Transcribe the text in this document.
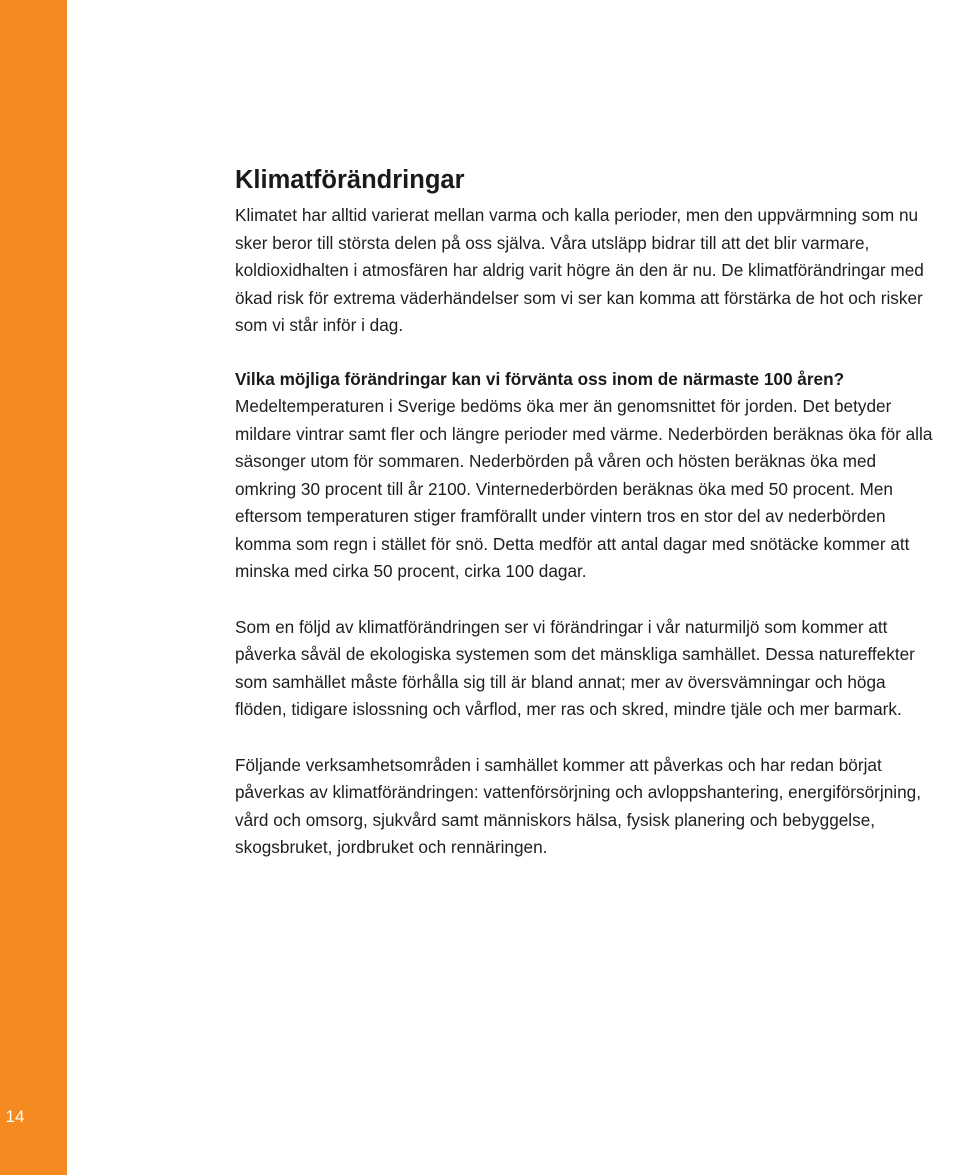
14
Klimatförändringar

Klimatet har alltid varierat mellan varma och kalla perioder, men den uppvärmning som nu sker beror till största delen på oss själva. Våra utsläpp bidrar till att det blir varmare, koldioxidhalten i atmosfären har aldrig varit högre än den är nu. De klimatförändringar med ökad risk för extrema väderhändelser som vi ser kan komma att förstärka de hot och risker som vi står inför i dag.

Vilka möjliga förändringar kan vi förvänta oss inom de närmaste 100 åren?

Medeltemperaturen i Sverige bedöms öka mer än genomsnittet för jorden. Det betyder mildare vintrar samt fler och längre perioder med värme. Nederbörden beräknas öka för alla säsonger utom för sommaren. Nederbörden på våren och hösten beräknas öka med omkring 30 procent till år 2100. Vinternederbörden beräknas öka med 50 procent. Men eftersom temperaturen stiger framförallt under vintern tros en stor del av nederbörden komma som regn i stället för snö. Detta medför att antal dagar med snötäcke kommer att minska med cirka 50 procent, cirka 100 dagar.

Som en följd av klimatförändringen ser vi förändringar i vår naturmiljö som kommer att påverka såväl de ekologiska systemen som det mänskliga samhället. Dessa natureffekter som samhället måste förhålla sig till är bland annat; mer av översvämningar och höga flöden, tidigare islossning och vårflod, mer ras och skred, mindre tjäle och mer barmark.

Följande verksamhetsområden i samhället kommer att påverkas och har redan börjat påverkas av klimatförändringen: vattenförsörjning och avloppshantering, energiförsörjning, vård och omsorg, sjukvård samt människors hälsa, fysisk planering och bebyggelse, skogsbruket, jordbruket och rennäringen.
